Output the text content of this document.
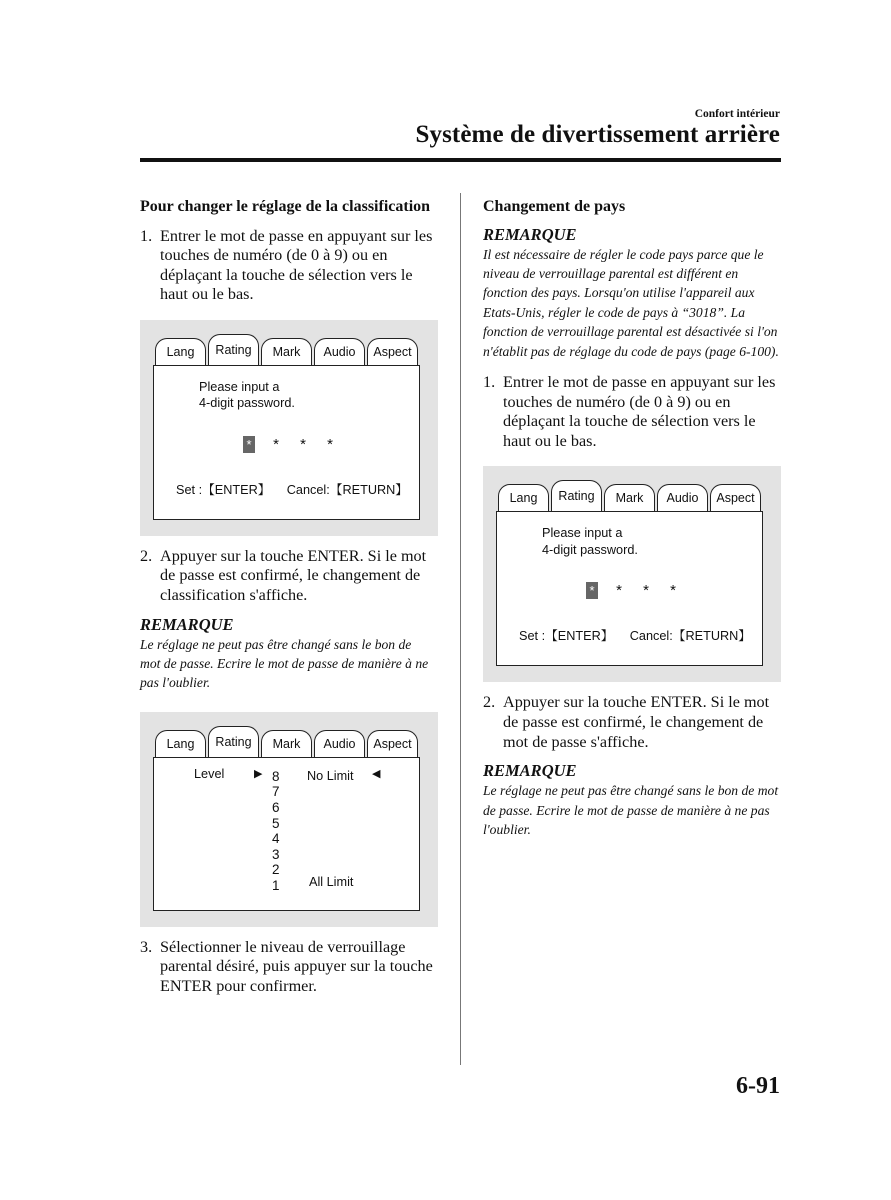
Confort intérieur
Système de divertissement arrière

Pour changer le réglage de la classification

1. Entrer le mot de passe en appuyant sur les touches de numéro (de 0 à 9) ou en déplaçant la touche de sélection vers le haut ou le bas.
Lang	Rating	Mark	Audio	Aspect
Please input a
4-digit password.
* * * *
Set :【ENTER】 Cancel:【RETURN】
2. Appuyer sur la touche ENTER. Si le mot de passe est confirmé, le changement de classification s'affiche.
REMARQUE
Le réglage ne peut pas être changé sans le bon de mot de passe. Ecrire le mot de passe de manière à ne pas l'oublier.
Lang	Rating	Mark	Audio	Aspect
Level	▶ 8
7
6
5
4
3
2
1
No Limit ◀
All Limit
3. Sélectionner le niveau de verrouillage parental désiré, puis appuyer sur la touche ENTER pour confirmer.

Changement de pays

REMARQUE
Il est nécessaire de régler le code pays parce que le niveau de verrouillage parental est différent en fonction des pays. Lorsqu'on utilise l'appareil aux Etats-Unis, régler le code de pays à “3018”. La fonction de verrouillage parental est désactivée si l'on n'établit pas de réglage du code de pays (page 6-100).
1. Entrer le mot de passe en appuyant sur les touches de numéro (de 0 à 9) ou en déplaçant la touche de sélection vers le haut ou le bas.
Lang	Rating	Mark	Audio	Aspect
Please input a
4-digit password.
* * * *
Set :【ENTER】 Cancel:【RETURN】
2. Appuyer sur la touche ENTER. Si le mot de passe est confirmé, le changement de mot de passe s'affiche.
REMARQUE
Le réglage ne peut pas être changé sans le bon de mot de passe. Ecrire le mot de passe de manière à ne pas l'oublier.
6-91
